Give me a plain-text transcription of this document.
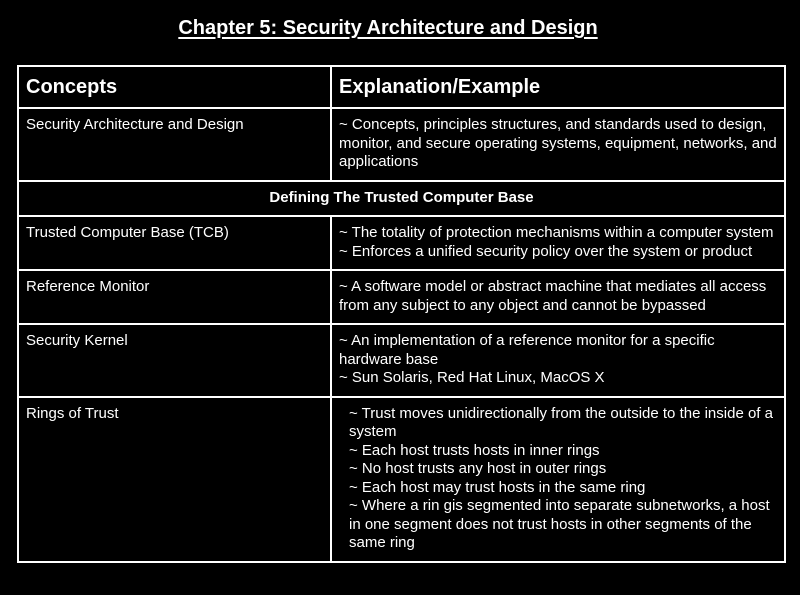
Chapter 5: Security Architecture and Design
Concepts	Explanation/Example
Security Architecture and Design	~ Concepts, principles structures, and standards used to design, monitor, and secure operating systems, equipment, networks, and applications

Defining The Trusted Computer Base	
Trusted Computer Base (TCB)	~ The totality of protection mechanisms within a computer system
~ Enforces a unified security policy over the system or product

Reference Monitor	~ A software model or abstract machine that mediates all access from any subject to any object and cannot be bypassed

Security Kernel	~ An implementation of a reference monitor for a specific hardware base
~ Sun Solaris, Red Hat Linux, MacOS X

Rings of Trust	~ Trust moves unidirectionally from the outside to the inside of a system
~ Each host trusts hosts in inner rings
~ No host trusts any host in outer rings
~ Each host may trust hosts in the same ring
~ Where a rin gis segmented into separate subnetworks, a host in one segment does not trust hosts in other segments of the same ring
